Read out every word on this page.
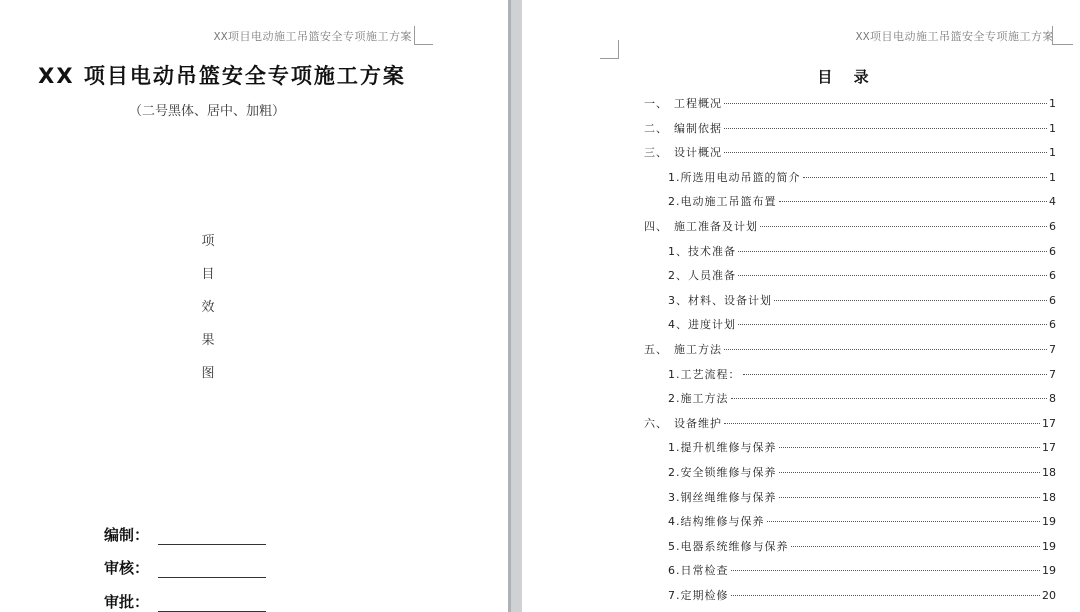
XX项目电动施工吊篮安全专项施工方案
XX 项目电动吊篮安全专项施工方案
（二号黑体、居中、加粗）
项
目
效
果
图
编制：
审核：
审批：
XX项目电动施工吊篮安全专项施工方案
目 录
一、 工程概况	1
二、 编制依据	1
三、 设计概况	1
1.所选用电动吊篮的简介	1
2.电动施工吊篮布置	4
四、 施工准备及计划	6
1、技术准备	6
2、人员准备	6
3、材料、设备计划	6
4、进度计划	6
五、 施工方法	7
1.工艺流程：	7
2.施工方法	8
六、 设备维护	17
1.提升机维修与保养	17
2.安全锁维修与保养	18
3.钢丝绳维修与保养	18
4.结构维修与保养	19
5.电器系统维修与保养	19
6.日常检查	19
7.定期检修	20
